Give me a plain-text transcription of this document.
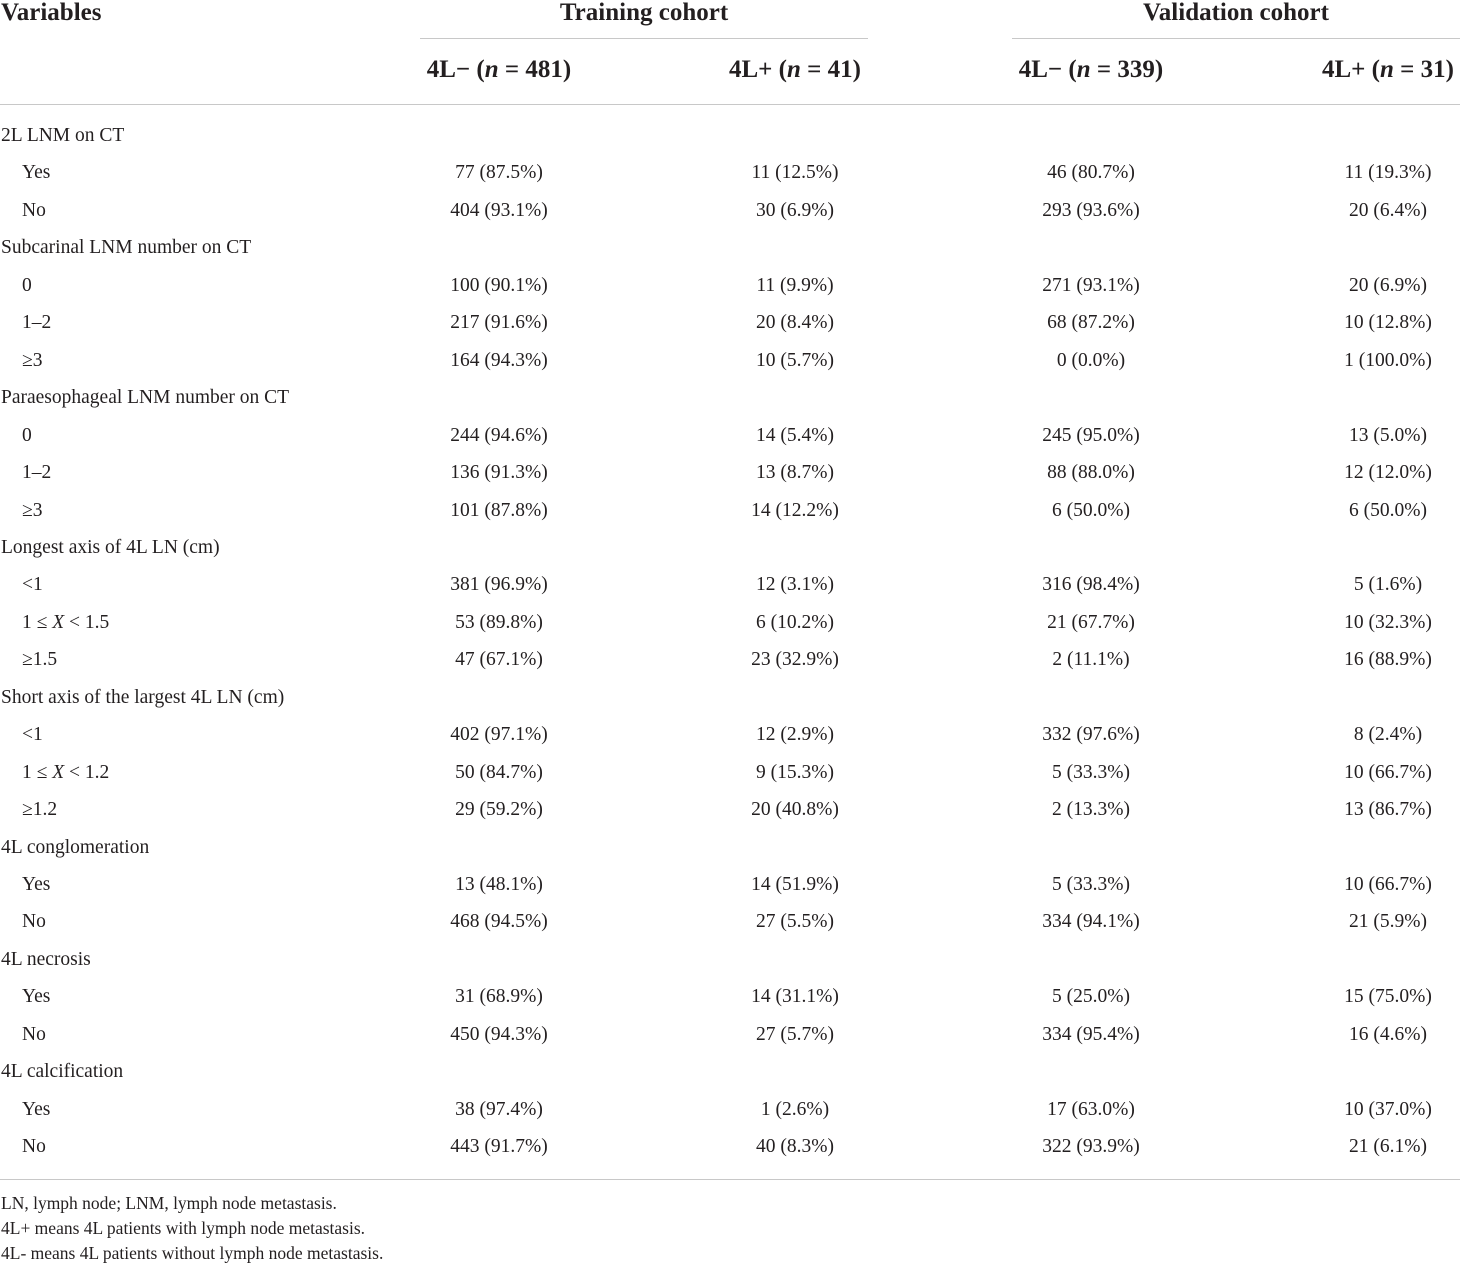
Variables	Training cohort	Validation cohort
4L− (n = 481)	4L+ (n = 41)	4L− (n = 339)	4L+ (n = 31)
2L LNM on CT
Yes	77 (87.5%)	11 (12.5%)	46 (80.7%)	11 (19.3%)
No	404 (93.1%)	30 (6.9%)	293 (93.6%)	20 (6.4%)
Subcarinal LNM number on CT
0	100 (90.1%)	11 (9.9%)	271 (93.1%)	20 (6.9%)
1–2	217 (91.6%)	20 (8.4%)	68 (87.2%)	10 (12.8%)
≥3	164 (94.3%)	10 (5.7%)	0 (0.0%)	1 (100.0%)
Paraesophageal LNM number on CT
0	244 (94.6%)	14 (5.4%)	245 (95.0%)	13 (5.0%)
1–2	136 (91.3%)	13 (8.7%)	88 (88.0%)	12 (12.0%)
≥3	101 (87.8%)	14 (12.2%)	6 (50.0%)	6 (50.0%)
Longest axis of 4L LN (cm)
<1	381 (96.9%)	12 (3.1%)	316 (98.4%)	5 (1.6%)
1 ≤ X < 1.5	53 (89.8%)	6 (10.2%)	21 (67.7%)	10 (32.3%)
≥1.5	47 (67.1%)	23 (32.9%)	2 (11.1%)	16 (88.9%)
Short axis of the largest 4L LN (cm)
<1	402 (97.1%)	12 (2.9%)	332 (97.6%)	8 (2.4%)
1 ≤ X < 1.2	50 (84.7%)	9 (15.3%)	5 (33.3%)	10 (66.7%)
≥1.2	29 (59.2%)	20 (40.8%)	2 (13.3%)	13 (86.7%)
4L conglomeration
Yes	13 (48.1%)	14 (51.9%)	5 (33.3%)	10 (66.7%)
No	468 (94.5%)	27 (5.5%)	334 (94.1%)	21 (5.9%)
4L necrosis
Yes	31 (68.9%)	14 (31.1%)	5 (25.0%)	15 (75.0%)
No	450 (94.3%)	27 (5.7%)	334 (95.4%)	16 (4.6%)
4L calcification
Yes	38 (97.4%)	1 (2.6%)	17 (63.0%)	10 (37.0%)
No	443 (91.7%)	40 (8.3%)	322 (93.9%)	21 (6.1%)
LN, lymph node; LNM, lymph node metastasis.
4L+ means 4L patients with lymph node metastasis.
4L- means 4L patients without lymph node metastasis.
